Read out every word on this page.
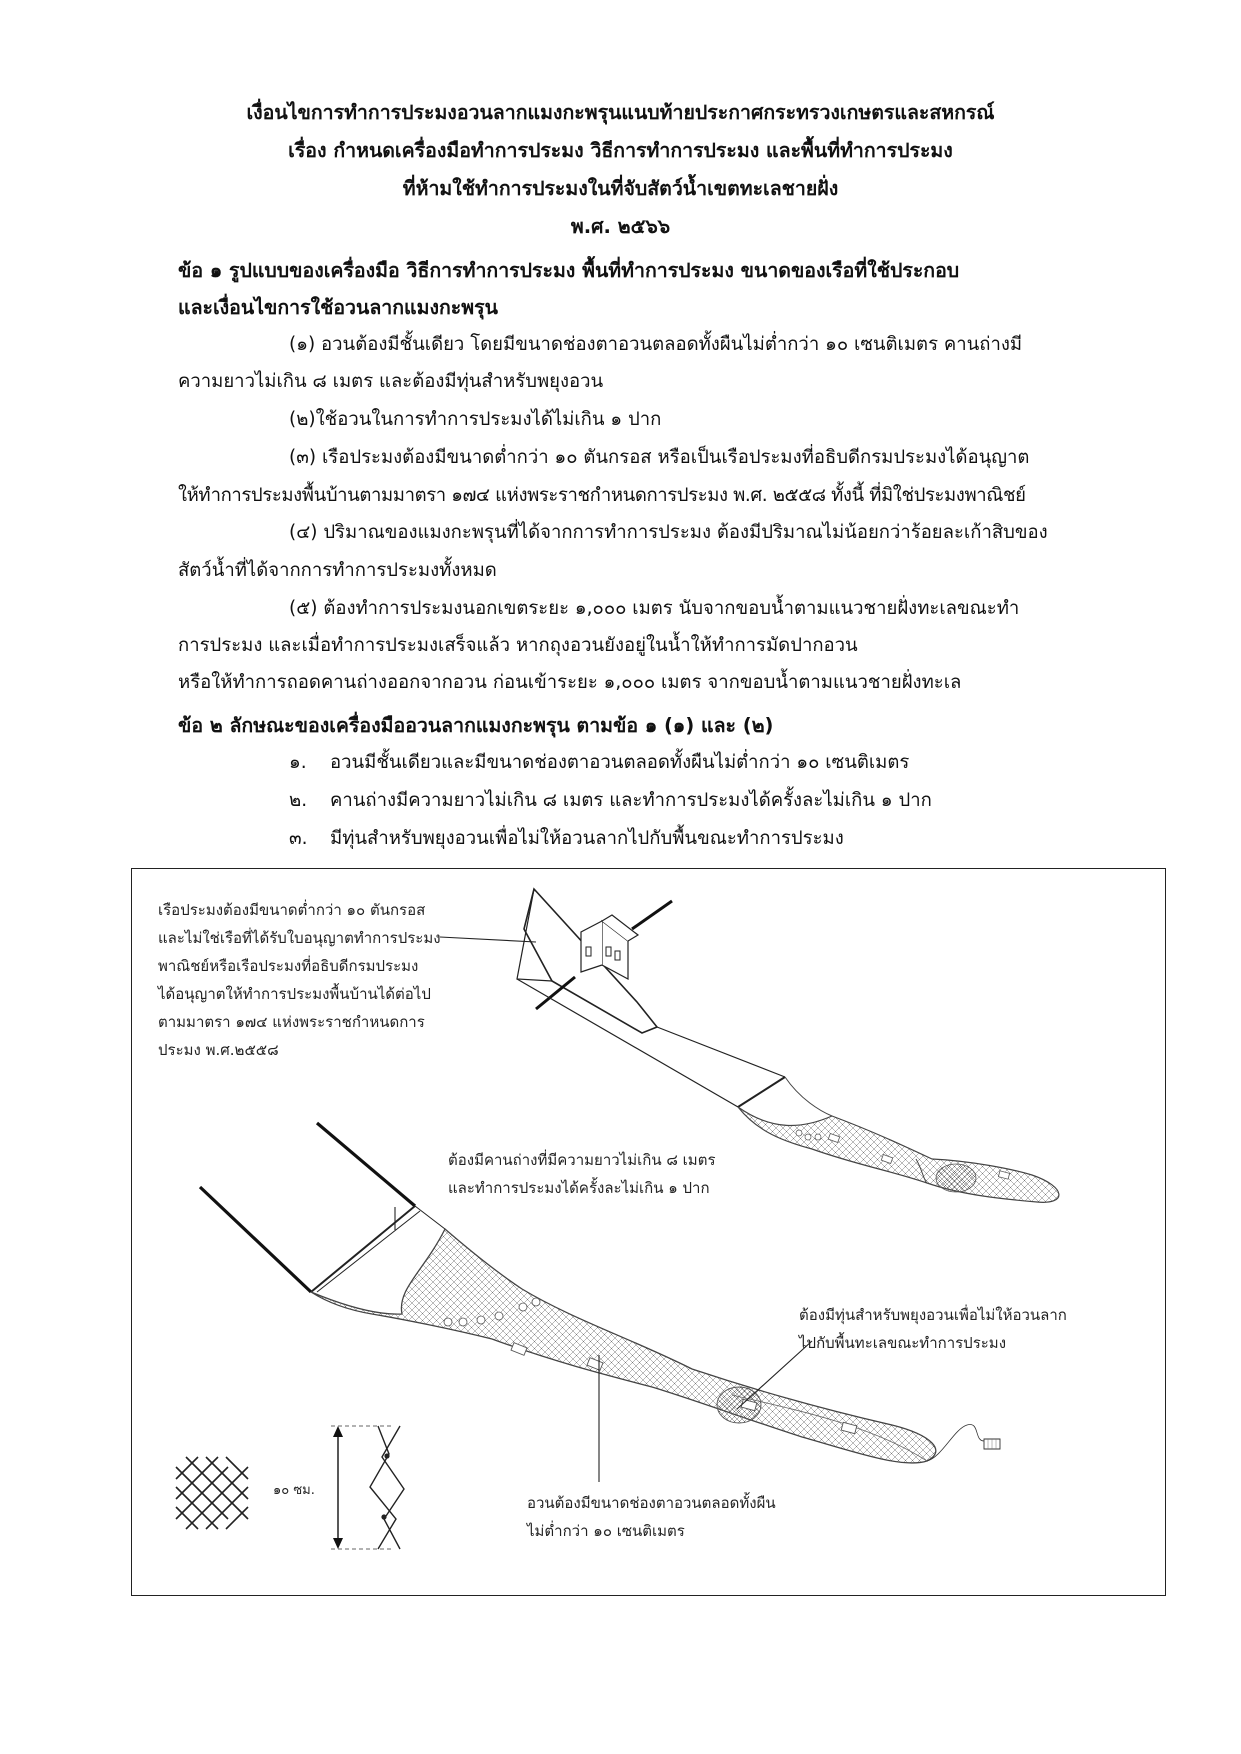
เงื่อนไขการทำการประมงอวนลากแมงกะพรุนแนบท้ายประกาศกระทรวงเกษตรและสหกรณ์
เรื่อง กำหนดเครื่องมือทำการประมง วิธีการทำการประมง และพื้นที่ทำการประมง
ที่ห้ามใช้ทำการประมงในที่จับสัตว์น้ำเขตทะเลชายฝั่ง
พ.ศ. ๒๕๖๖
ข้อ ๑ รูปแบบของเครื่องมือ วิธีการทำการประมง พื้นที่ทำการประมง ขนาดของเรือที่ใช้ประกอบ
และเงื่อนไขการใช้อวนลากแมงกะพรุน
(๑) อวนต้องมีชั้นเดียว โดยมีขนาดช่องตาอวนตลอดทั้งผืนไม่ต่ำกว่า ๑๐ เซนติเมตร คานถ่างมี
ความยาวไม่เกิน ๘ เมตร และต้องมีทุ่นสำหรับพยุงอวน
(๒)ใช้อวนในการทำการประมงได้ไม่เกิน ๑ ปาก
(๓) เรือประมงต้องมีขนาดต่ำกว่า ๑๐ ตันกรอส หรือเป็นเรือประมงที่อธิบดีกรมประมงได้อนุญาต
ให้ทำการประมงพื้นบ้านตามมาตรา ๑๗๔ แห่งพระราชกำหนดการประมง พ.ศ. ๒๕๕๘ ทั้งนี้ ที่มิใช่ประมงพาณิชย์
(๔) ปริมาณของแมงกะพรุนที่ได้จากการทำการประมง ต้องมีปริมาณไม่น้อยกว่าร้อยละเก้าสิบของ
สัตว์น้ำที่ได้จากการทำการประมงทั้งหมด
(๕) ต้องทำการประมงนอกเขตระยะ ๑,๐๐๐ เมตร นับจากขอบน้ำตามแนวชายฝั่งทะเลขณะทำ
การประมง และเมื่อทำการประมงเสร็จแล้ว หากถุงอวนยังอยู่ในน้ำให้ทำการมัดปากอวน
หรือให้ทำการถอดคานถ่างออกจากอวน ก่อนเข้าระยะ ๑,๐๐๐ เมตร จากขอบน้ำตามแนวชายฝั่งทะเล
ข้อ ๒ ลักษณะของเครื่องมืออวนลากแมงกะพรุน ตามข้อ ๑ (๑) และ (๒)
๑. อวนมีชั้นเดียวและมีขนาดช่องตาอวนตลอดทั้งผืนไม่ต่ำกว่า ๑๐ เซนติเมตร
๒. คานถ่างมีความยาวไม่เกิน ๘ เมตร และทำการประมงได้ครั้งละไม่เกิน ๑ ปาก
๓. มีทุ่นสำหรับพยุงอวนเพื่อไม่ให้อวนลากไปกับพื้นขณะทำการประมง
เรือประมงต้องมีขนาดต่ำกว่า ๑๐ ตันกรอส
และไม่ใช่เรือที่ได้รับใบอนุญาตทำการประมง
พาณิชย์หรือเรือประมงที่อธิบดีกรมประมง
ได้อนุญาตให้ทำการประมงพื้นบ้านได้ต่อไป
ตามมาตรา ๑๗๔ แห่งพระราชกำหนดการ
ประมง พ.ศ.๒๕๕๘
ต้องมีคานถ่างที่มีความยาวไม่เกิน ๘ เมตร
และทำการประมงได้ครั้งละไม่เกิน ๑ ปาก
ต้องมีทุ่นสำหรับพยุงอวนเพื่อไม่ให้อวนลาก
ไปกับพื้นทะเลขณะทำการประมง
อวนต้องมีขนาดช่องตาอวนตลอดทั้งผืน
ไม่ต่ำกว่า ๑๐ เซนติเมตร
๑๐ ซม.
